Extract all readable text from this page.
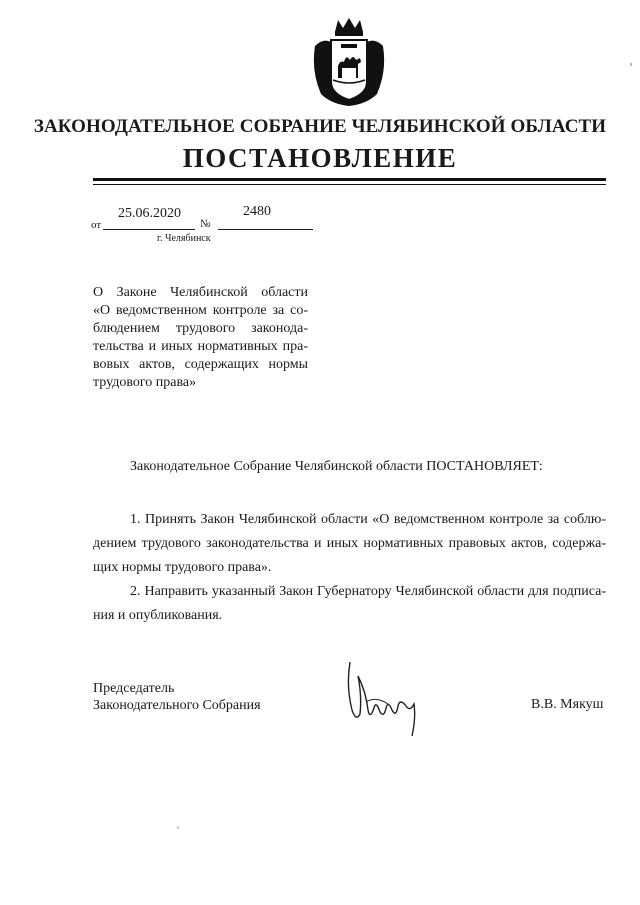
ЗАКОНОДАТЕЛЬНОЕ СОБРАНИЕ ЧЕЛЯБИНСКОЙ ОБЛАСТИ
ПОСТАНОВЛЕНИЕ
от
25.06.2020
№
2480
г. Челябинск
О Законе Челябинской области
«О ведомственном контроле за со-
блюдением трудового законода-
тельства и иных нормативных пра-
вовых актов, содержащих нормы
трудового права»
Законодательное Собрание Челябинской области ПОСТАНОВЛЯЕТ:
1. Принять Закон Челябинской области «О ведомственном контроле за соблю-
дением трудового законодательства и иных нормативных правовых актов, содержа-
щих нормы трудового права».
2. Направить указанный Закон Губернатору Челябинской области для подписа-
ния и опубликования.
Председатель
Законодательного Собрания	В.В. Мякуш
